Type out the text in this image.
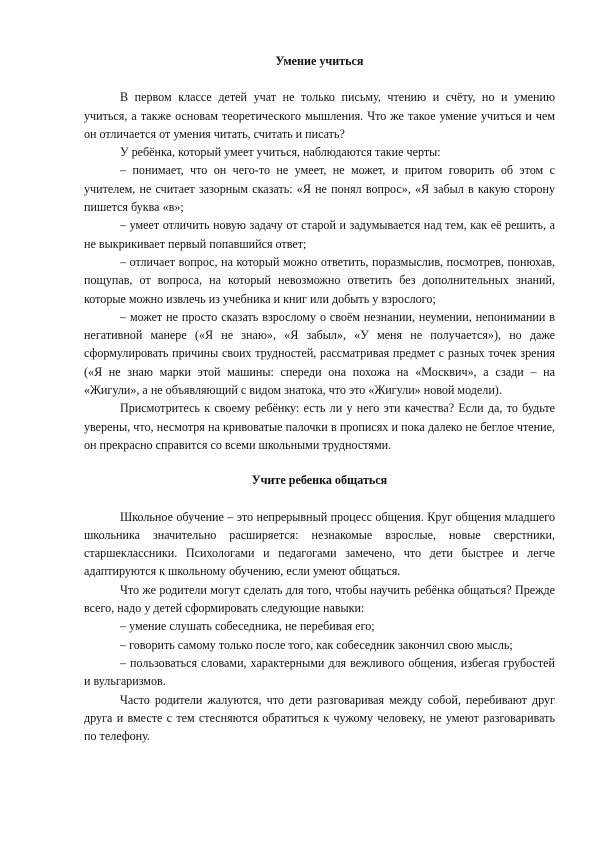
Умение учиться

В первом классе детей учат не только письму, чтению и счёту, но и умению учиться, а также основам теоретического мышления. Что же такое умение учиться и чем он отличается от умения читать, считать и писать?

У ребёнка, который умеет учиться, наблюдаются такие черты:

– понимает, что он чего-то не умеет, не может, и притом говорить об этом с учителем, не считает зазорным сказать: «Я не понял вопрос», «Я забыл в какую сторону пишется буква «в»;

– умеет отличить новую задачу от старой и задумывается над тем, как её решить, а не выкрикивает первый попавшийся ответ;

– отличает вопрос, на который можно ответить, поразмыслив, посмотрев, понюхав, пощупав, от вопроса, на который невозможно ответить без дополнительных знаний, которые можно извлечь из учебника и книг или добыть у взрослого;

– может не просто сказать взрослому о своём незнании, неумении, непонимании в негативной манере («Я не знаю», «Я забыл», «У меня не получается»), но даже сформулировать причины своих трудностей, рассматривая предмет с разных точек зрения («Я не знаю марки этой машины: спереди она похожа на «Москвич», а сзади – на «Жигули», а не объявляющий с видом знатока, что это «Жигули» новой модели).

Присмотритесь к своему ребёнку: есть ли у него эти качества? Если да, то будьте уверены, что, несмотря на кривоватые палочки в прописях и пока далеко не беглое чтение, он прекрасно справится со всеми школьными трудностями.

Учите ребенка общаться

Школьное обучение – это непрерывный процесс общения. Круг общения младшего школьника значительно расширяется: незнакомые взрослые, новые сверстники, старшеклассники. Психологами и педагогами замечено, что дети быстрее и легче адаптируются к школьному обучению, если умеют общаться.

Что же родители могут сделать для того, чтобы научить ребёнка общаться? Прежде всего, надо у детей сформировать следующие навыки:

– умение слушать собеседника, не перебивая его;

– говорить самому только после того, как собеседник закончил свою мысль;

– пользоваться словами, характерными для вежливого общения, избегая грубостей и вульгаризмов.

Часто родители жалуются, что дети разговаривая между собой, перебивают друг друга и вместе с тем стесняются обратиться к чужому человеку, не умеют разговаривать по телефону.
